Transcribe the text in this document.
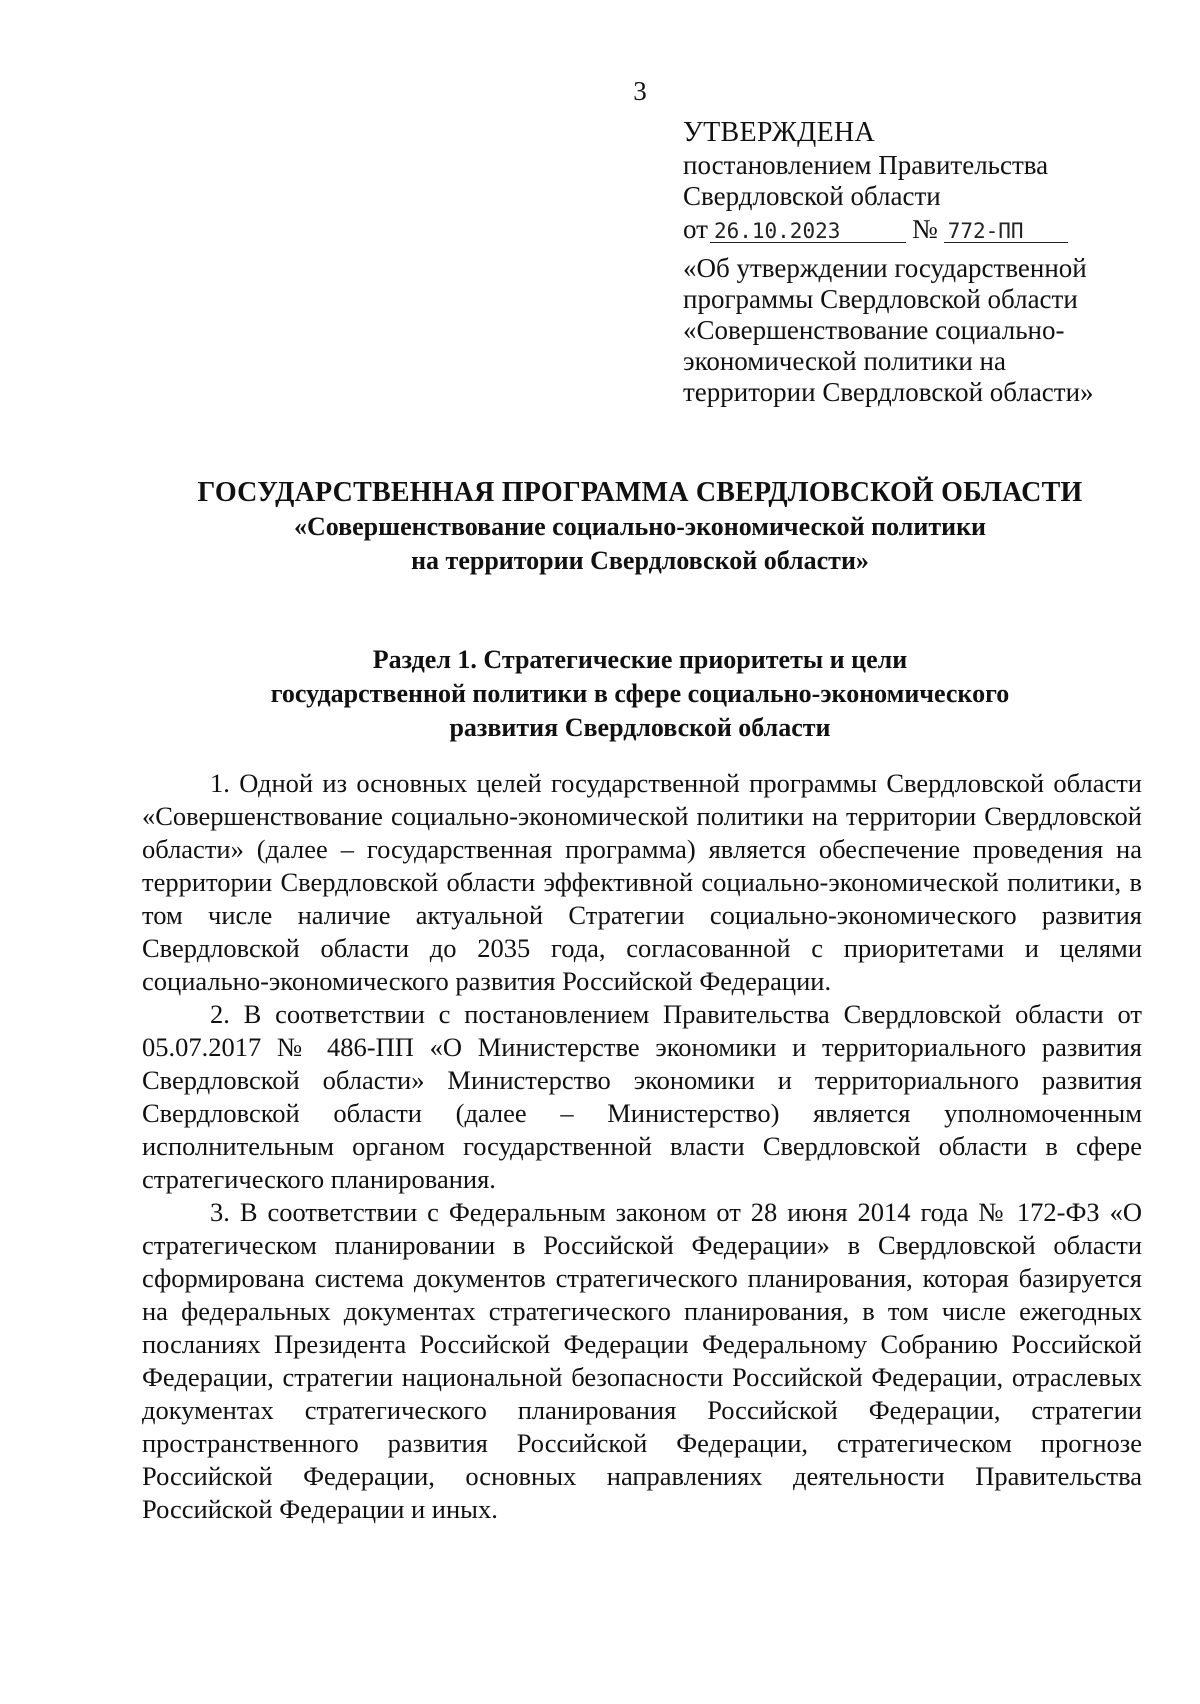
3
УТВЕРЖДЕНА
постановлением Правительства
Свердловской области
от 26.10.2023	№ 772-ПП
«Об утверждении государственной
программы Свердловской области
«Совершенствование социально-
экономической политики на
территории Свердловской области»
ГОСУДАРСТВЕННАЯ ПРОГРАММА СВЕРДЛОВСКОЙ ОБЛАСТИ
«Совершенствование социально-экономической политики
на территории Свердловской области»
Раздел 1. Стратегические приоритеты и цели
государственной политики в сфере социально-экономического
развития Свердловской области

1. Одной из основных целей государственной программы Свердловской области «Совершенствование социально-экономической политики на территории Свердловской области» (далее – государственная программа) является обеспечение проведения на территории Свердловской области эффективной социально-экономической политики, в том числе наличие актуальной Стратегии социально-экономического развития Свердловской области до 2035 года, согласованной с приоритетами и целями социально-экономического развития Российской Федерации.

2. В соответствии с постановлением Правительства Свердловской области от 05.07.2017 № 486-ПП «О Министерстве экономики и территориального развития Свердловской области» Министерство экономики и территориального развития Свердловской области (далее – Министерство) является уполномоченным исполнительным органом государственной власти Свердловской области в сфере стратегического планирования.

3. В соответствии с Федеральным законом от 28 июня 2014 года № 172-ФЗ «О стратегическом планировании в Российской Федерации» в Свердловской области сформирована система документов стратегического планирования, которая базируется на федеральных документах стратегического планирования, в том числе ежегодных посланиях Президента Российской Федерации Федеральному Собранию Российской Федерации, стратегии национальной безопасности Российской Федерации, отраслевых документах стратегического планирования Российской Федерации, стратегии пространственного развития Российской Федерации, стратегическом прогнозе Российской Федерации, основных направлениях деятельности Правительства Российской Федерации и иных.
